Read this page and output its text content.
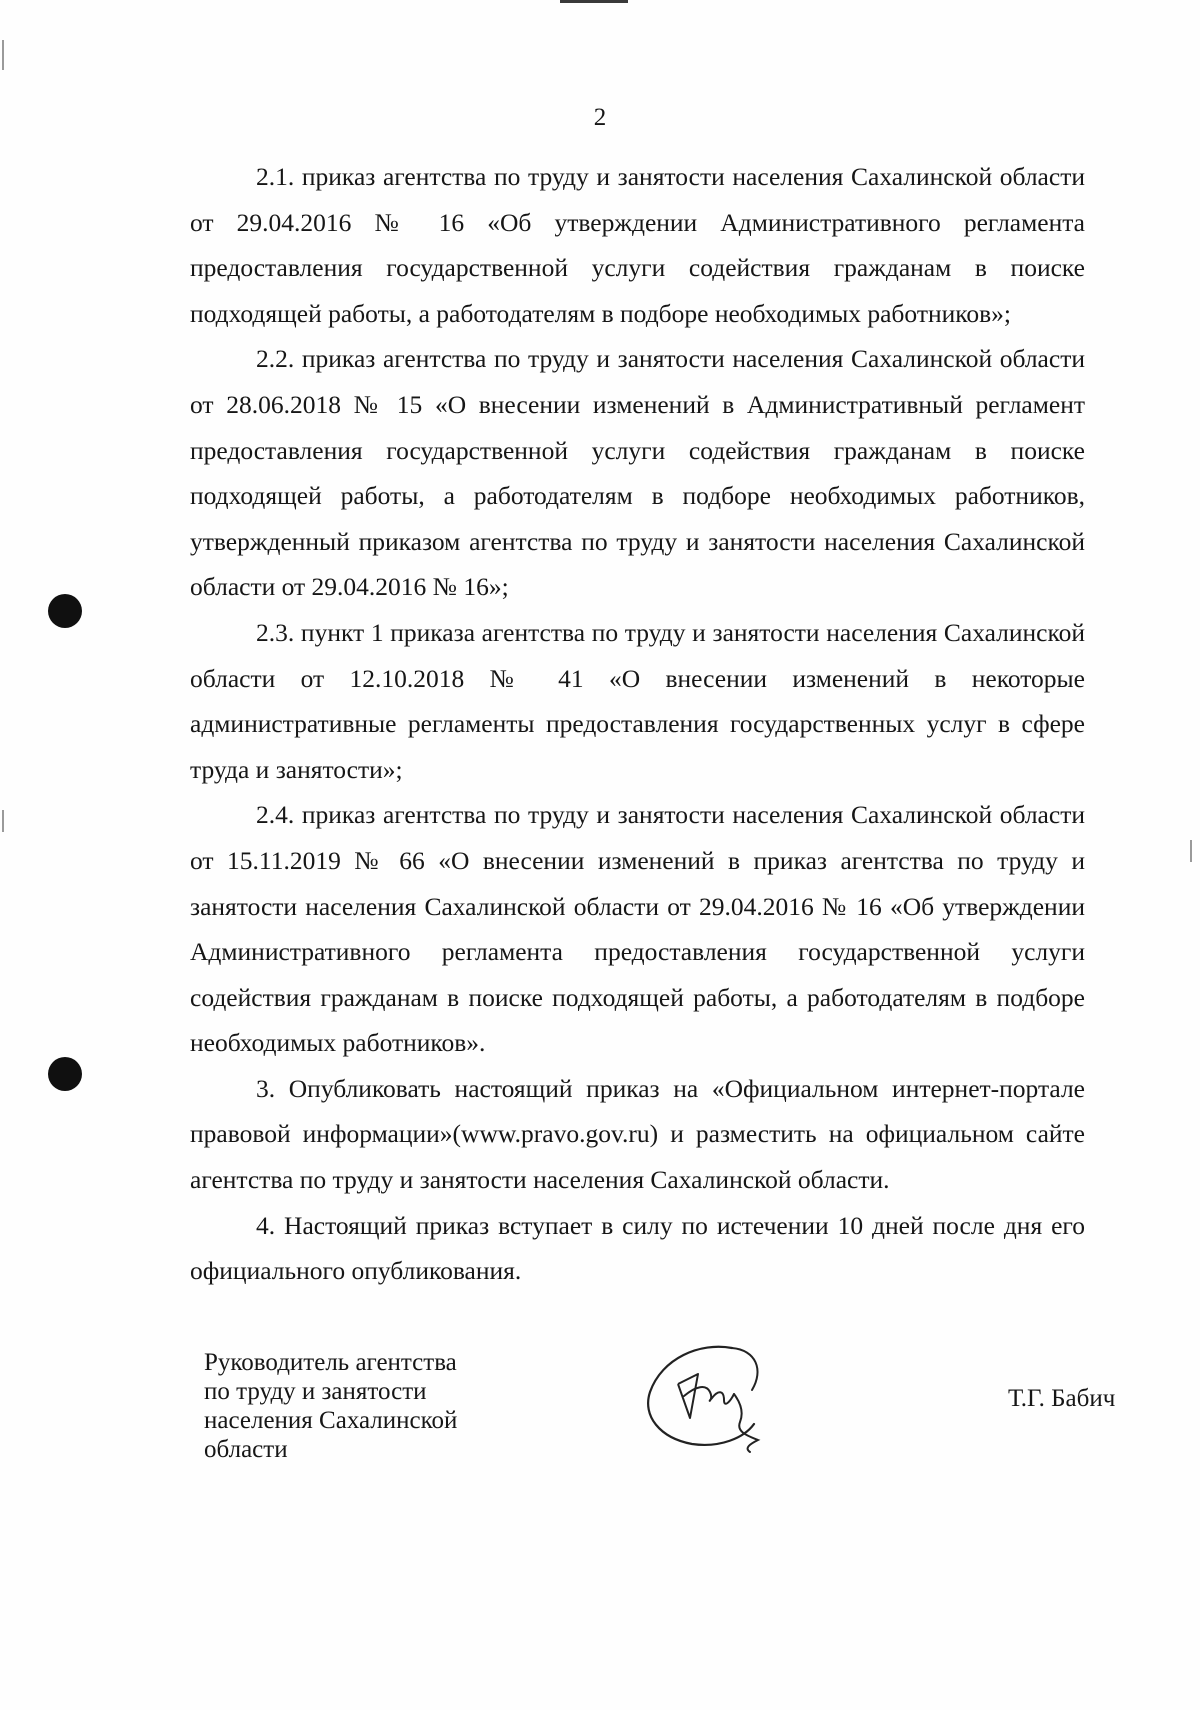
2

2.1. приказ агентства по труду и занятости населения Сахалинской области от 29.04.2016 № 16 «Об утверждении Административного регламента предоставления государственной услуги содействия гражданам в поиске подходящей работы, а работодателям в подборе необходимых работников»;

2.2. приказ агентства по труду и занятости населения Сахалинской области от 28.06.2018 № 15 «О внесении изменений в Административный регламент предоставления государственной услуги содействия гражданам в поиске подходящей работы, а работодателям в подборе необходимых работников, утвержденный приказом агентства по труду и занятости населения Сахалинской области от 29.04.2016 № 16»;

2.3. пункт 1 приказа агентства по труду и занятости населения Сахалинской области от 12.10.2018 № 41 «О внесении изменений в некоторые административные регламенты предоставления государственных услуг в сфере труда и занятости»;

2.4. приказ агентства по труду и занятости населения Сахалинской области от 15.11.2019 № 66 «О внесении изменений в приказ агентства по труду и занятости населения Сахалинской области от 29.04.2016 № 16 «Об утверждении Административного регламента предоставления государственной услуги содействия гражданам в поиске подходящей работы, а работодателям в подборе необходимых работников».

3. Опубликовать настоящий приказ на «Официальном интернет-портале правовой информации»(www.pravo.gov.ru) и разместить на официальном сайте агентства по труду и занятости населения Сахалинской области.

4. Настоящий приказ вступает в силу по истечении 10 дней после дня его официального опубликования.

Руководитель агентства
по труду и занятости
населения Сахалинской
области
Т.Г. Бабич
